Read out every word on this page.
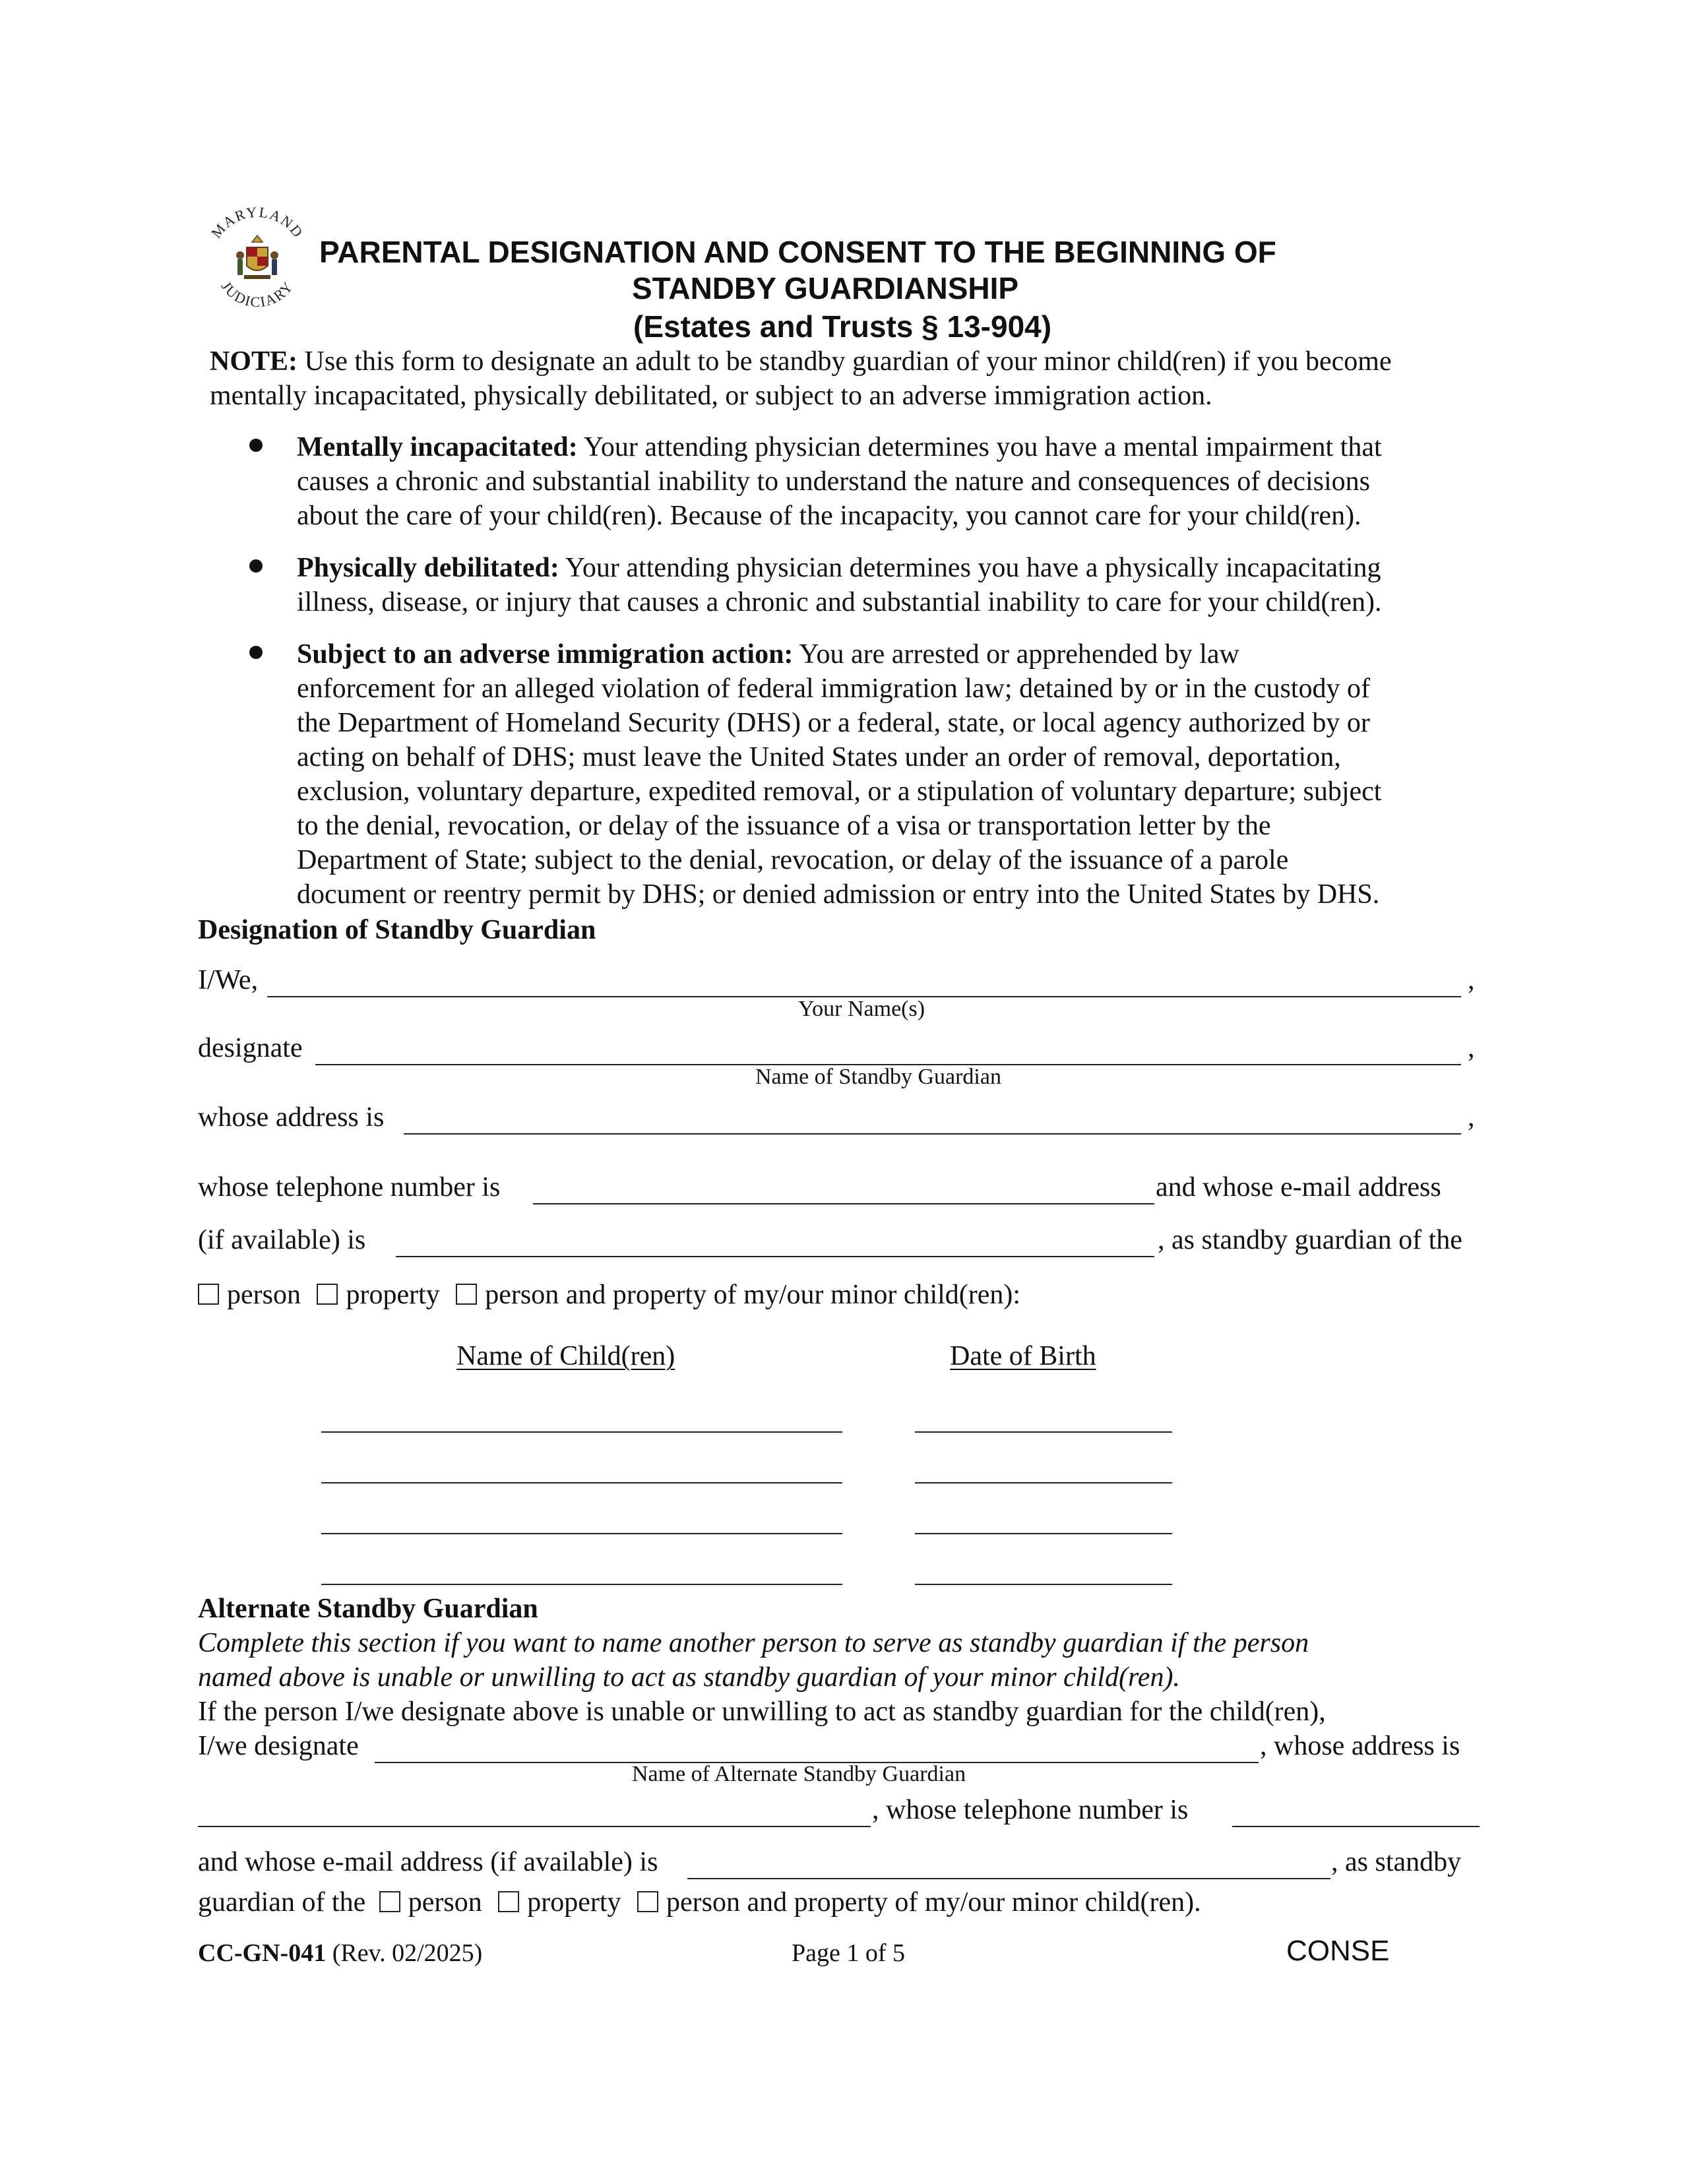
MARYLAND
JUDICIARY
PARENTAL DESIGNATION AND CONSENT TO THE BEGINNING OF
STANDBY GUARDIANSHIP
(Estates and Trusts § 13-904)
NOTE: Use this form to designate an adult to be standby guardian of your minor child(ren) if you become
mentally incapacitated, physically debilitated, or subject to an adverse immigration action.
Mentally incapacitated: Your attending physician determines you have a mental impairment that
causes a chronic and substantial inability to understand the nature and consequences of decisions
about the care of your child(ren). Because of the incapacity, you cannot care for your child(ren).
Physically debilitated: Your attending physician determines you have a physically incapacitating
illness, disease, or injury that causes a chronic and substantial inability to care for your child(ren).
Subject to an adverse immigration action: You are arrested or apprehended by law
enforcement for an alleged violation of federal immigration law; detained by or in the custody of
the Department of Homeland Security (DHS) or a federal, state, or local agency authorized by or
acting on behalf of DHS; must leave the United States under an order of removal, deportation,
exclusion, voluntary departure, expedited removal, or a stipulation of voluntary departure; subject
to the denial, revocation, or delay of the issuance of a visa or transportation letter by the
Department of State; subject to the denial, revocation, or delay of the issuance of a parole
document or reentry permit by DHS; or denied admission or entry into the United States by DHS.
Designation of Standby Guardian
I/We,	,
Your Name(s)
designate	,
Name of Standby Guardian
whose address is	,
whose telephone number is	and whose e-mail address
(if available) is	, as standby guardian of the
person property person and property of my/our minor child(ren):
Name of Child(ren)	Date of Birth
Alternate Standby Guardian
Complete this section if you want to name another person to serve as standby guardian if the person
named above is unable or unwilling to act as standby guardian of your minor child(ren).
If the person I/we designate above is unable or unwilling to act as standby guardian for the child(ren),
I/we designate	, whose address is
Name of Alternate Standby Guardian
, whose telephone number is
and whose e-mail address (if available) is	, as standby
guardian of the person property person and property of my/our minor child(ren).
CC-GN-041 (Rev. 02/2025)	Page 1 of 5	CONSE
